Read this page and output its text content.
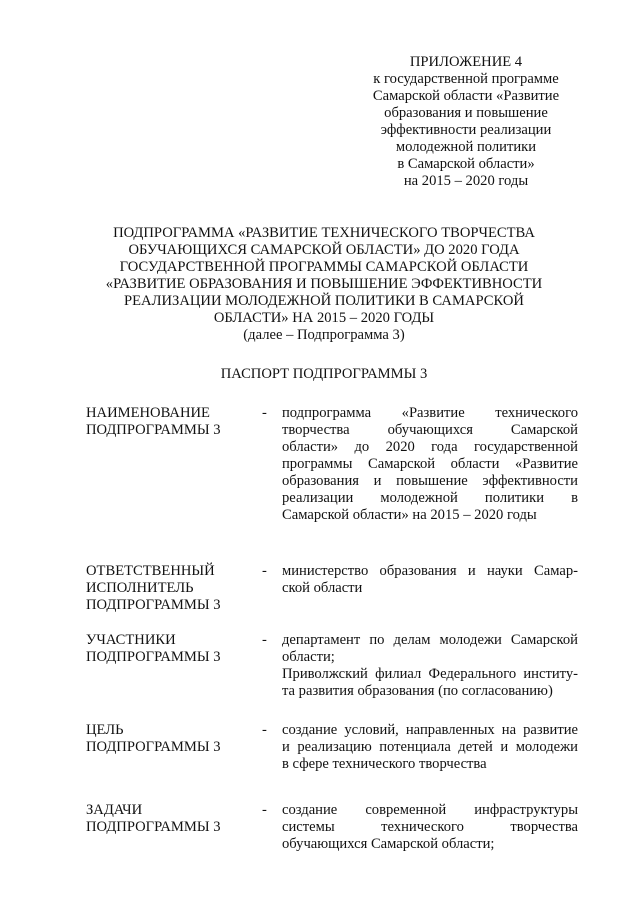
ПРИЛОЖЕНИЕ 4
к государственной программе
Самарской области «Развитие
образования и повышение
эффективности реализации
молодежной политики
в Самарской области»
на 2015 – 2020 годы
ПОДПРОГРАММА «РАЗВИТИЕ ТЕХНИЧЕСКОГО ТВОРЧЕСТВА
ОБУЧАЮЩИХСЯ САМАРСКОЙ ОБЛАСТИ» ДО 2020 ГОДА
ГОСУДАРСТВЕННОЙ ПРОГРАММЫ САМАРСКОЙ ОБЛАСТИ
«РАЗВИТИЕ ОБРАЗОВАНИЯ И ПОВЫШЕНИЕ ЭФФЕКТИВНОСТИ
РЕАЛИЗАЦИИ МОЛОДЕЖНОЙ ПОЛИТИКИ В САМАРСКОЙ
ОБЛАСТИ» НА 2015 – 2020 ГОДЫ
(далее – Подпрограмма 3)
ПАСПОРТ ПОДПРОГРАММЫ 3
НАИМЕНОВАНИЕ
ПОДПРОГРАММЫ 3
- подпрограмма «Развитие технического
творчества обучающихся Самарской
области» до 2020 года государственной
программы Самарской области «Развитие
образования и повышение эффективности
реализации молодежной политики в
Самарской области» на 2015 – 2020 годы
ОТВЕТСТВЕННЫЙ
ИСПОЛНИТЕЛЬ
ПОДПРОГРАММЫ 3
- министерство образования и науки Самар-
ской области
УЧАСТНИКИ
ПОДПРОГРАММЫ 3
- департамент по делам молодежи Самарской
области;
Приволжский филиал Федерального институ-
та развития образования (по согласованию)
ЦЕЛЬ
ПОДПРОГРАММЫ 3
- создание условий, направленных на развитие
и реализацию потенциала детей и молодежи
в сфере технического творчества
ЗАДАЧИ
ПОДПРОГРАММЫ 3
- создание современной инфраструктуры
системы технического творчества
обучающихся Самарской области;
